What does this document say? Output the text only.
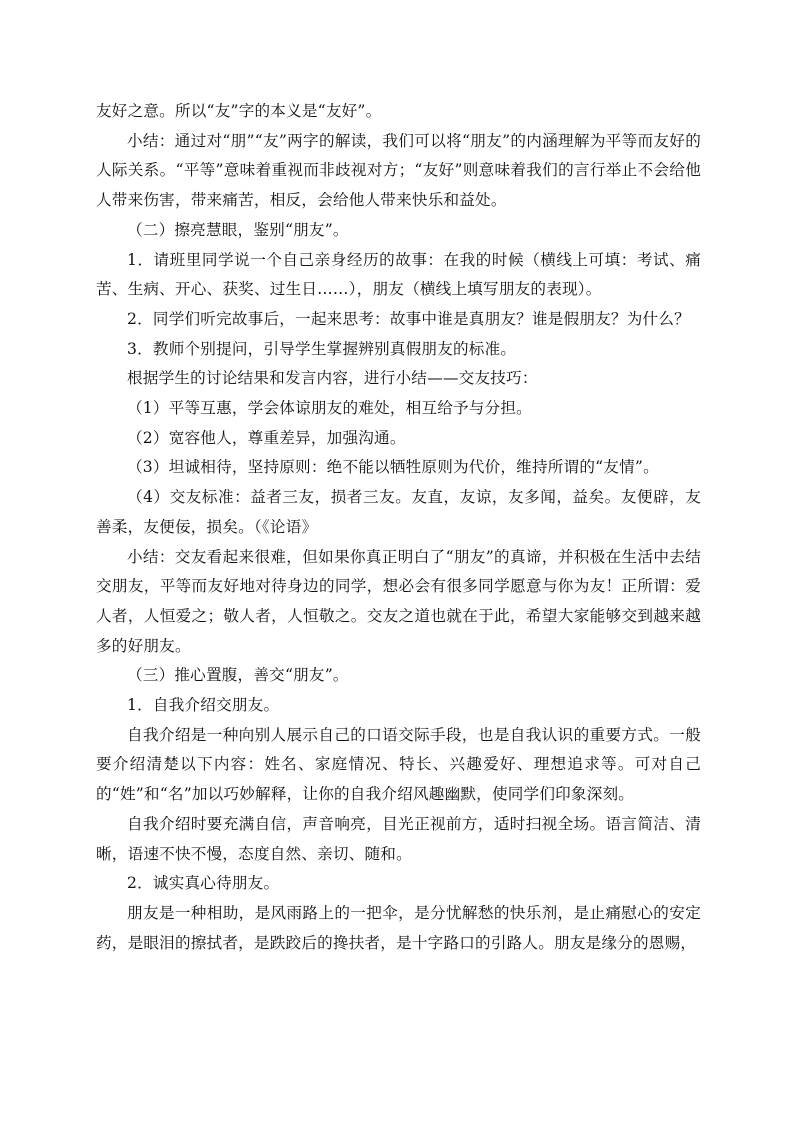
友好之意。所以“友”字的本义是“友好”。

小结：通过对“朋”“友”两字的解读，我们可以将“朋友”的内涵理解为平等而友好的人际关系。“平等”意味着重视而非歧视对方；“友好”则意味着我们的言行举止不会给他人带来伤害，带来痛苦，相反，会给他人带来快乐和益处。

（二）擦亮慧眼，鉴别“朋友”。

1．请班里同学说一个自己亲身经历的故事：在我的时候（横线上可填：考试、痛苦、生病、开心、获奖、过生日……），朋友（横线上填写朋友的表现）。

2．同学们听完故事后，一起来思考：故事中谁是真朋友？谁是假朋友？为什么？

3．教师个别提问，引导学生掌握辨别真假朋友的标准。

根据学生的讨论结果和发言内容，进行小结——交友技巧：

（1）平等互惠，学会体谅朋友的难处，相互给予与分担。

（2）宽容他人，尊重差异，加强沟通。

（3）坦诚相待，坚持原则：绝不能以牺牲原则为代价，维持所谓的“友情”。

（4）交友标准：益者三友，损者三友。友直，友谅，友多闻，益矣。友便辟，友善柔，友便佞，损矣。（《论语》

小结：交友看起来很难，但如果你真正明白了“朋友”的真谛，并积极在生活中去结交朋友，平等而友好地对待身边的同学，想必会有很多同学愿意与你为友！正所谓：爱人者，人恒爱之；敬人者，人恒敬之。交友之道也就在于此，希望大家能够交到越来越多的好朋友。

（三）推心置腹，善交“朋友”。

1．自我介绍交朋友。

自我介绍是一种向别人展示自己的口语交际手段，也是自我认识的重要方式。一般要介绍清楚以下内容：姓名、家庭情况、特长、兴趣爱好、理想追求等。可对自己的“姓”和“名”加以巧妙解释，让你的自我介绍风趣幽默，使同学们印象深刻。

自我介绍时要充满自信，声音响亮，目光正视前方，适时扫视全场。语言简洁、清晰，语速不快不慢，态度自然、亲切、随和。

2．诚实真心待朋友。

朋友是一种相助，是风雨路上的一把伞，是分忧解愁的快乐剂，是止痛慰心的安定药，是眼泪的擦拭者，是跌跤后的搀扶者，是十字路口的引路人。朋友是缘分的恩赐，
